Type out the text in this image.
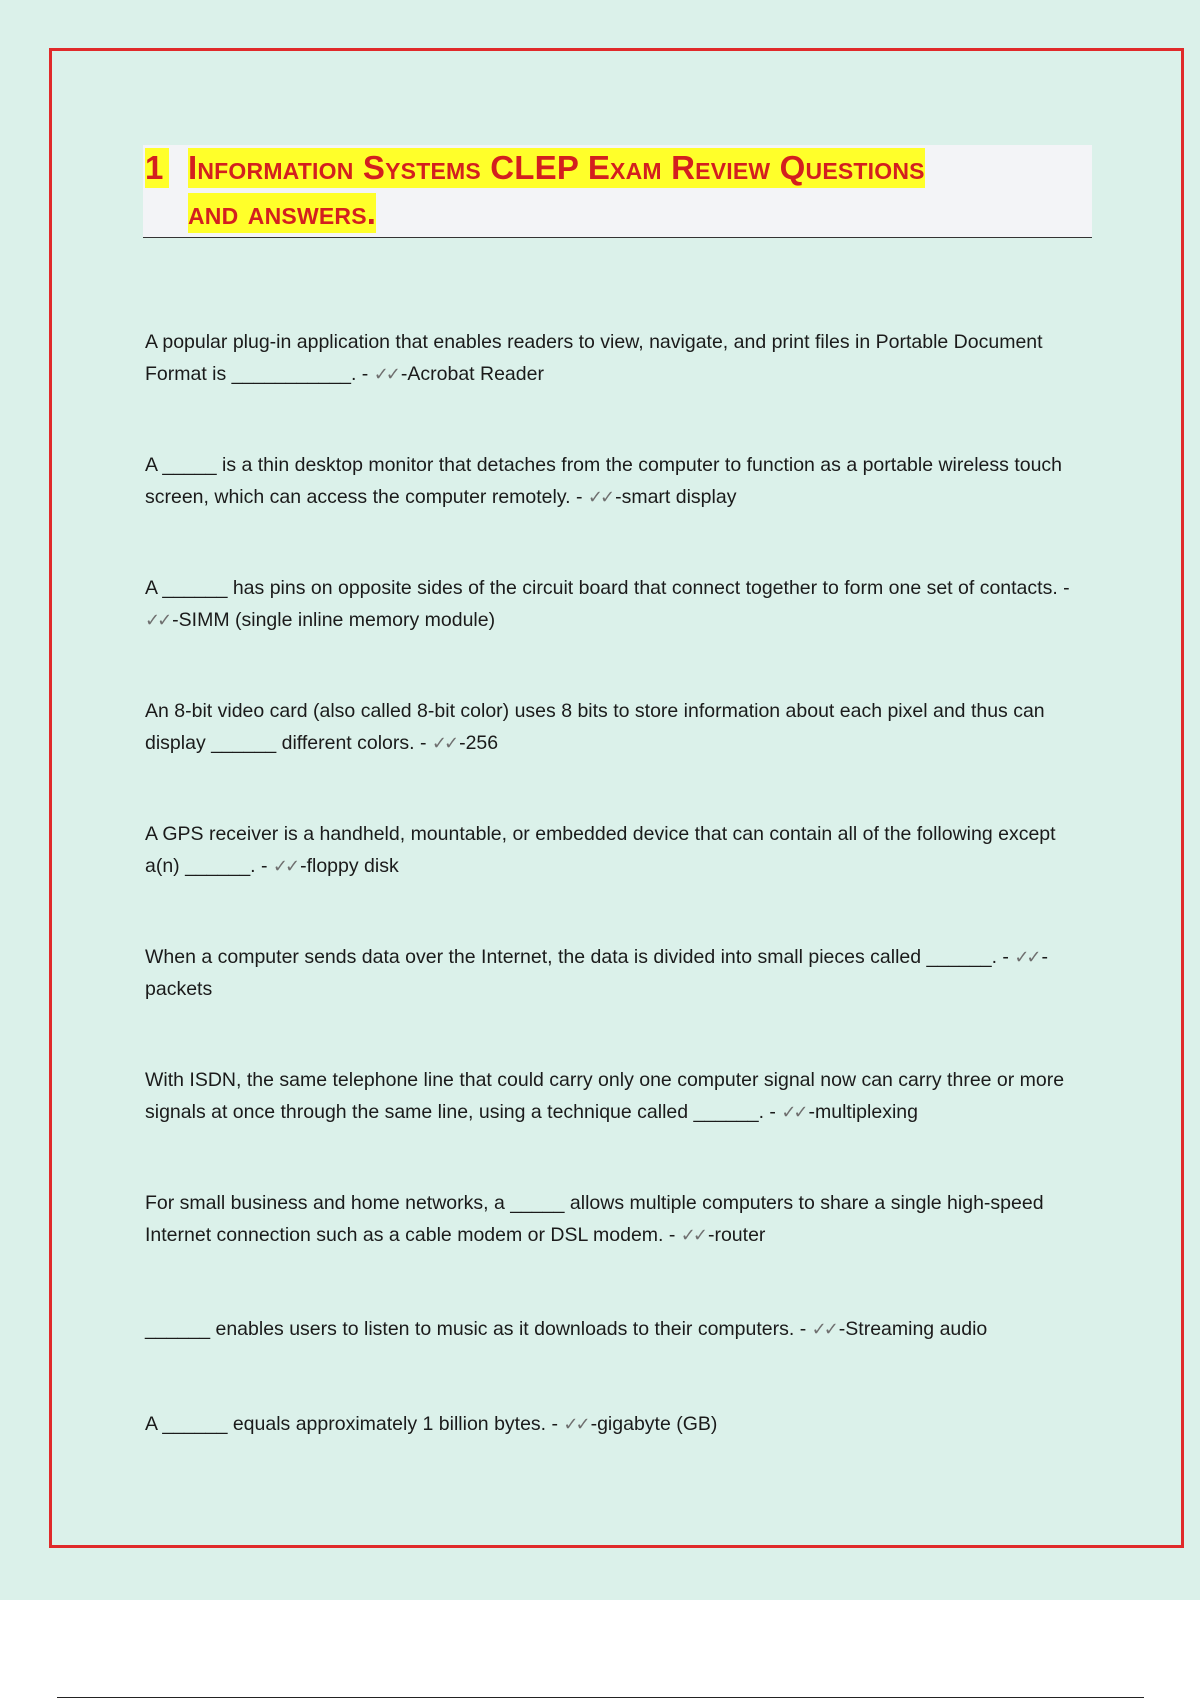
1 Information Systems CLEP Exam Review Questions
and answers.
A popular plug-in application that enables readers to view, navigate, and print files in Portable Document Format is ___________. - ✓✓ -Acrobat Reader
A _____ is a thin desktop monitor that detaches from the computer to function as a portable wireless touch screen, which can access the computer remotely. - ✓✓ -smart display
A ______ has pins on opposite sides of the circuit board that connect together to form one set of contacts. - ✓✓ -SIMM (single inline memory module)
An 8-bit video card (also called 8-bit color) uses 8 bits to store information about each pixel and thus can display ______ different colors. - ✓✓ -256
A GPS receiver is a handheld, mountable, or embedded device that can contain all of the following except a(n) ______. - ✓✓ -floppy disk
When a computer sends data over the Internet, the data is divided into small pieces called ______. - ✓✓ -packets
With ISDN, the same telephone line that could carry only one computer signal now can carry three or more signals at once through the same line, using a technique called ______. - ✓✓ -multiplexing
For small business and home networks, a _____ allows multiple computers to share a single high-speed Internet connection such as a cable modem or DSL modem. - ✓✓ -router
______ enables users to listen to music as it downloads to their computers. - ✓✓ -Streaming audio
A ______ equals approximately 1 billion bytes. - ✓✓ -gigabyte (GB)
